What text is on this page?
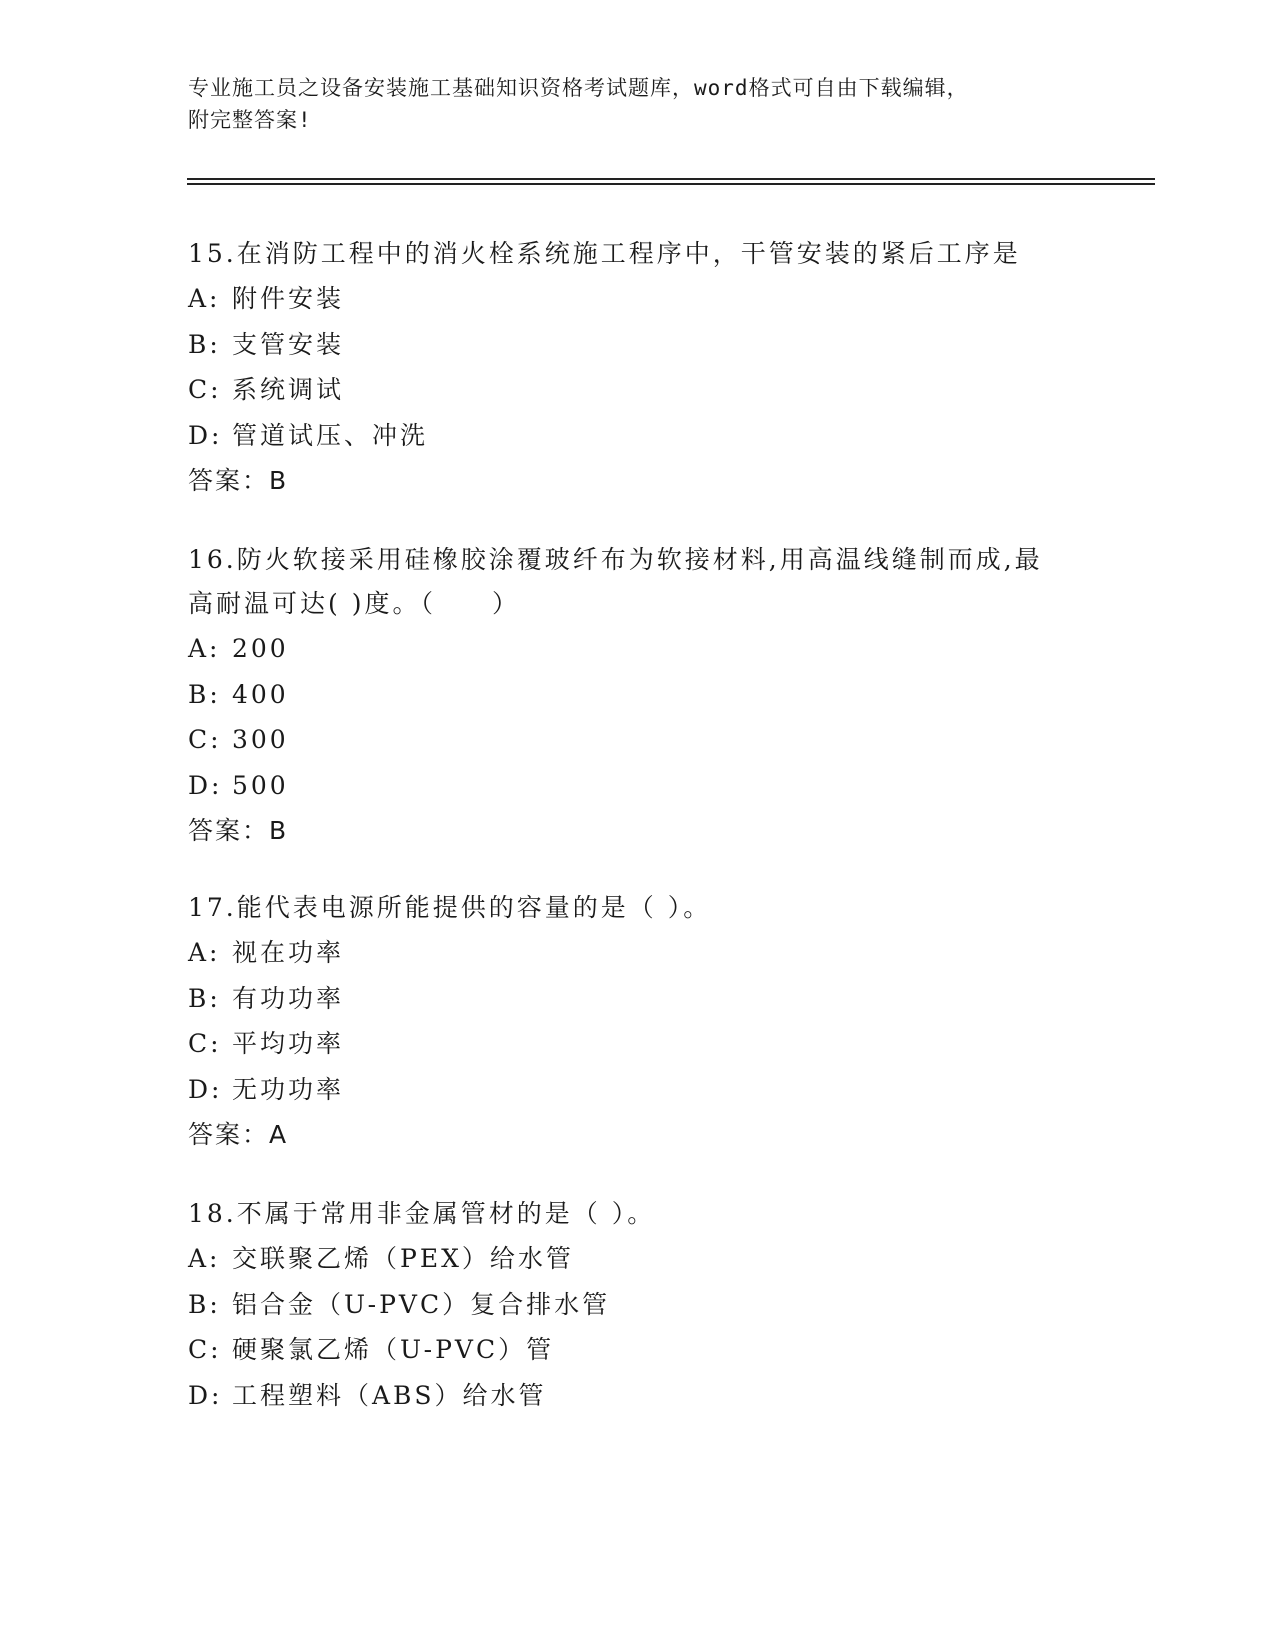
专业施工员之设备安装施工基础知识资格考试题库，word格式可自由下载编辑，
附完整答案!
15.在消防工程中的消火栓系统施工程序中，干管安装的紧后工序是
A: 附件安装
B: 支管安装
C: 系统调试
D: 管道试压、冲洗
答案：B
16.防火软接采用硅橡胶涂覆玻纤布为软接材料,用高温线缝制而成,最
高耐温可达( )度。（　　）
A: 200
B: 400
C: 300
D: 500
答案：B
17.能代表电源所能提供的容量的是（ ）。
A: 视在功率
B: 有功功率
C: 平均功率
D: 无功功率
答案：A
18.不属于常用非金属管材的是（ ）。
A: 交联聚乙烯（PEX）给水管
B: 铝合金（U-PVC）复合排水管
C: 硬聚氯乙烯（U-PVC）管
D: 工程塑料（ABS）给水管
